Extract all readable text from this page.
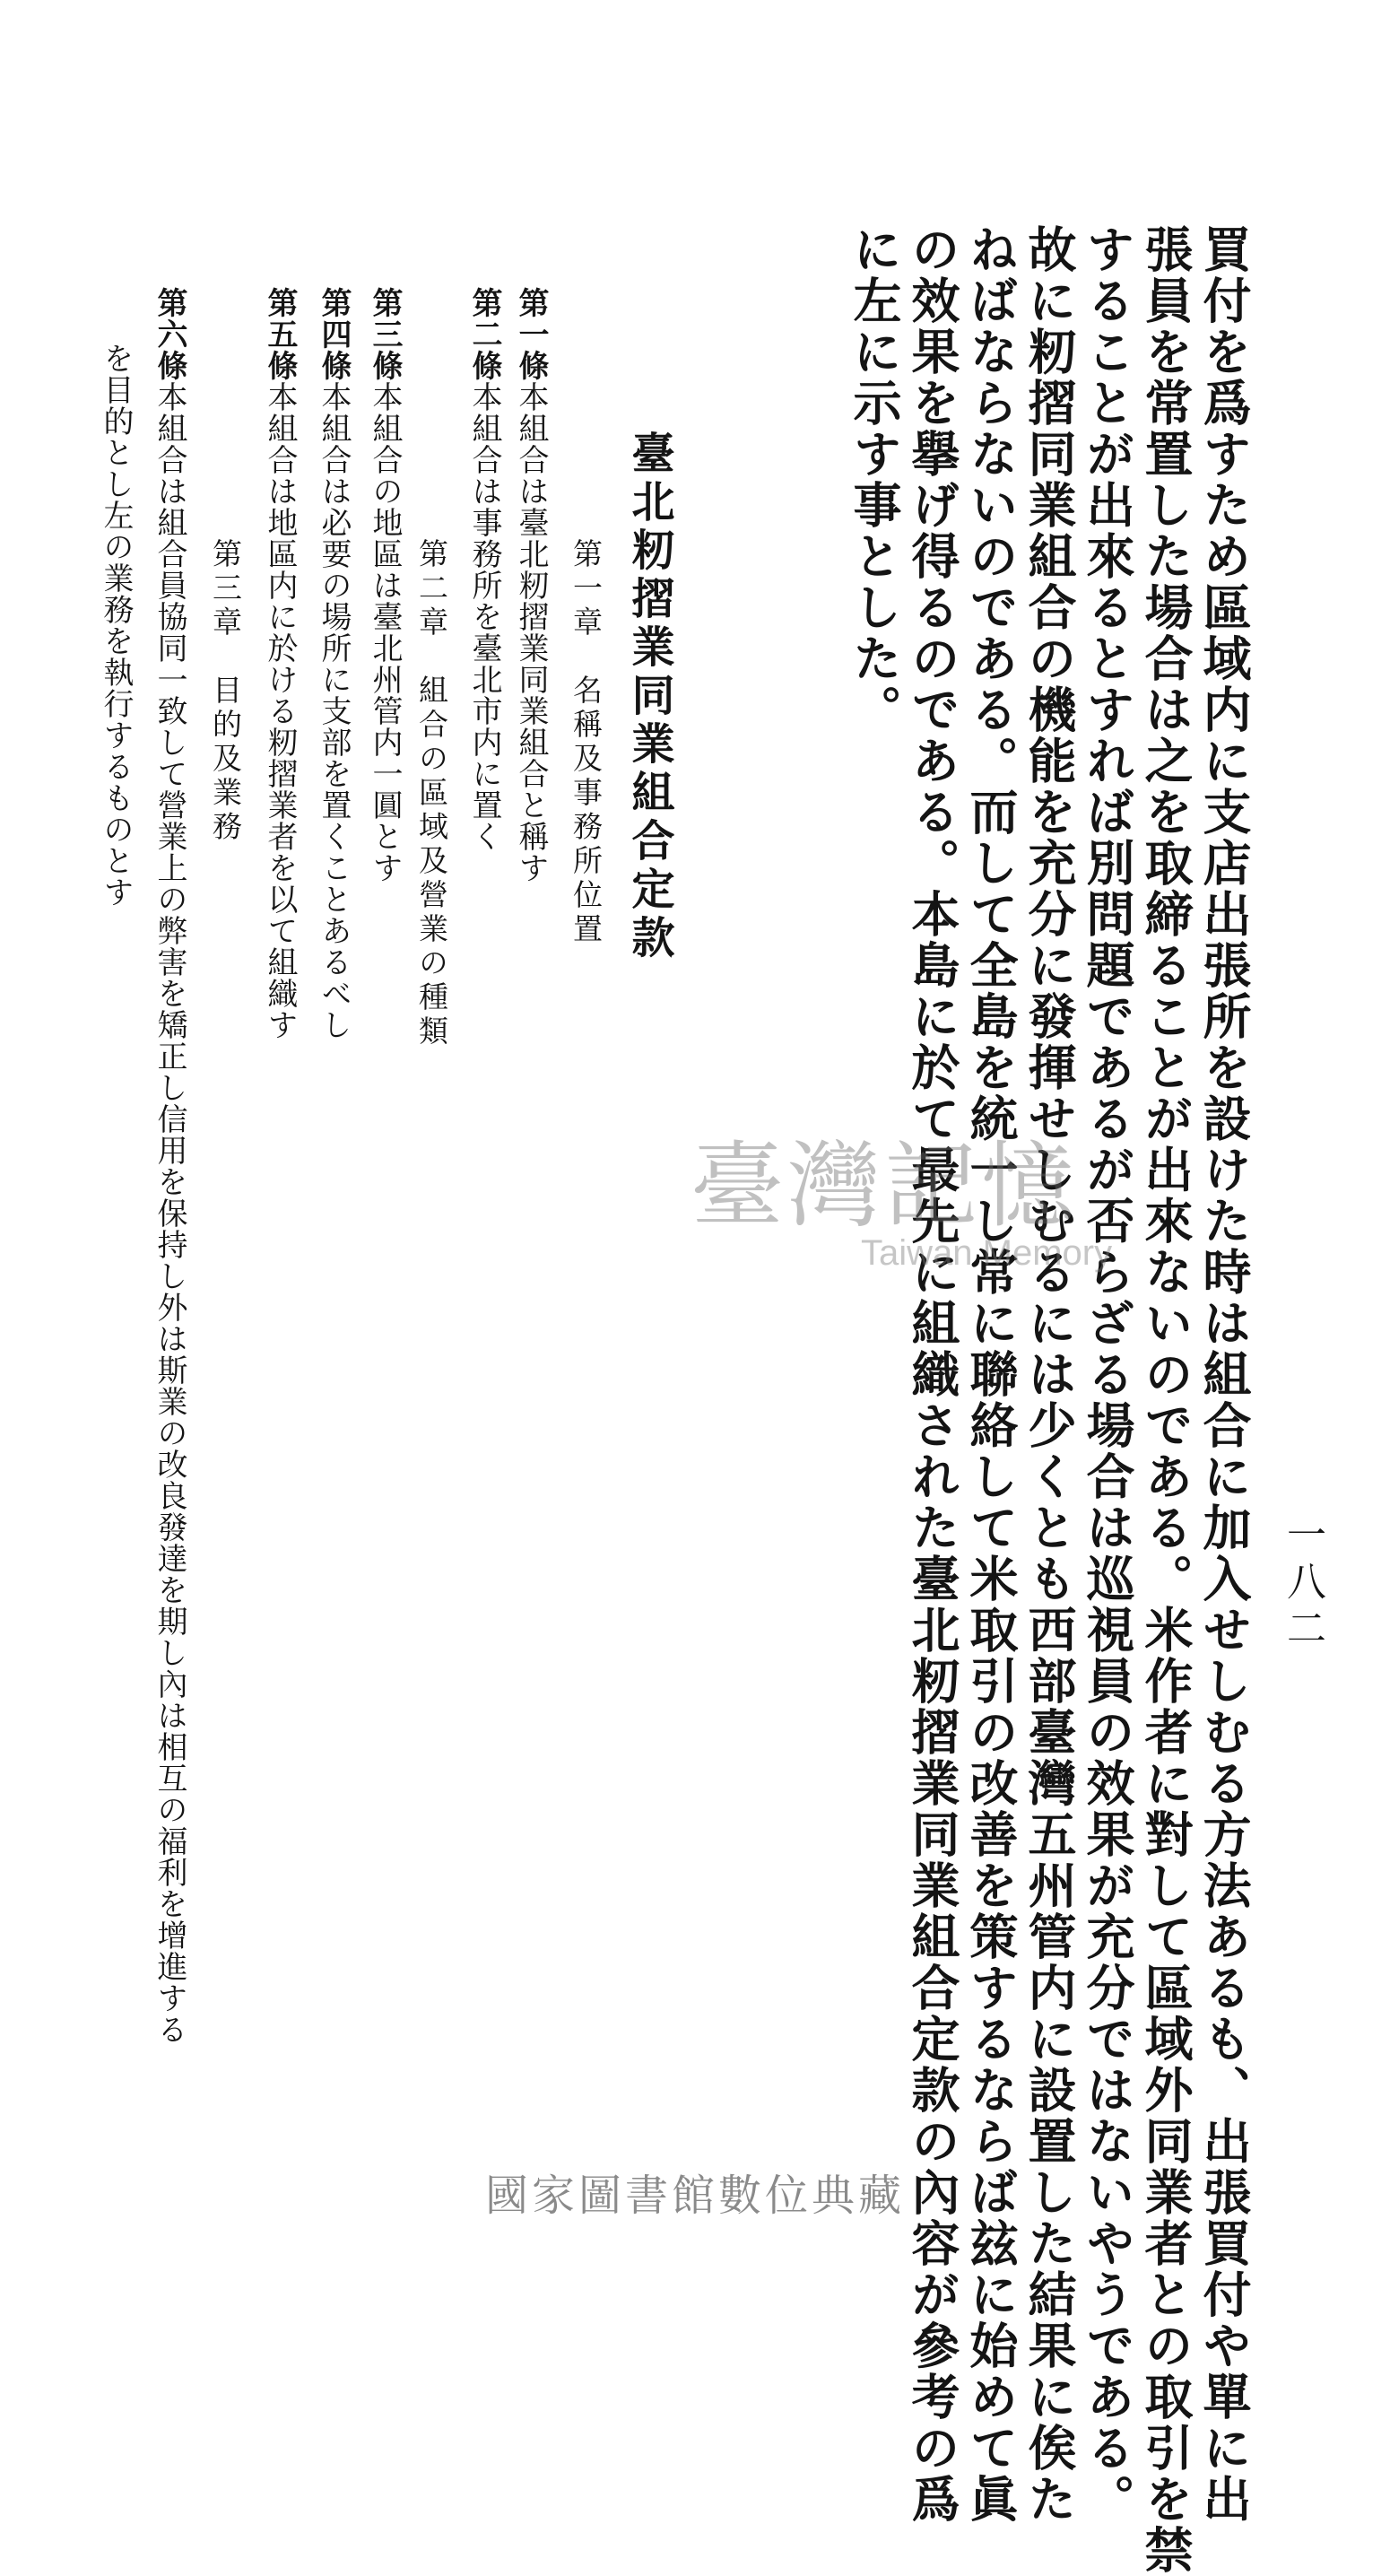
一八二
買付を爲すため區域内に支店出張所を設けた時は組合に加入せしむる方法あるも、出張買付や單に出
張員を常置した場合は之を取締ることが出來ないのである。米作者に對して區域外同業者との取引を禁
することが出來るとすれば別問題であるが否らざる場合は巡視員の效果が充分ではないやうである。
故に籾摺同業組合の機能を充分に發揮せしむるには少くとも西部臺灣五州管内に設置した結果に俟た
ねばならないのである。而して全島を統一し常に聯絡して米取引の改善を策するならば玆に始めて眞
の效果を擧げ得るのである。本島に於て最先に組織された臺北籾摺業同業組合定款の內容が參考の爲
に左に示す事とした。
臺北籾摺業同業組合定款
第一章　名稱及事務所位置
第一條本組合は臺北籾摺業同業組合と稱す
第二條本組合は事務所を臺北市内に置く
第二章　組合の區域及營業の種類
第三條本組合の地區は臺北州管内一圓とす
第四條本組合は必要の場所に支部を置くことあるべし
第五條本組合は地區内に於ける籾摺業者を以て組織す
第三章　目的及業務
第六條本組合は組合員協同一致して營業上の弊害を矯正し信用を保持し外は斯業の改良發達を期し內は相互の福利を增進する
を目的とし左の業務を執行するものとす
臺灣記憶
Taiwan Memory
國家圖書館數位典藏
